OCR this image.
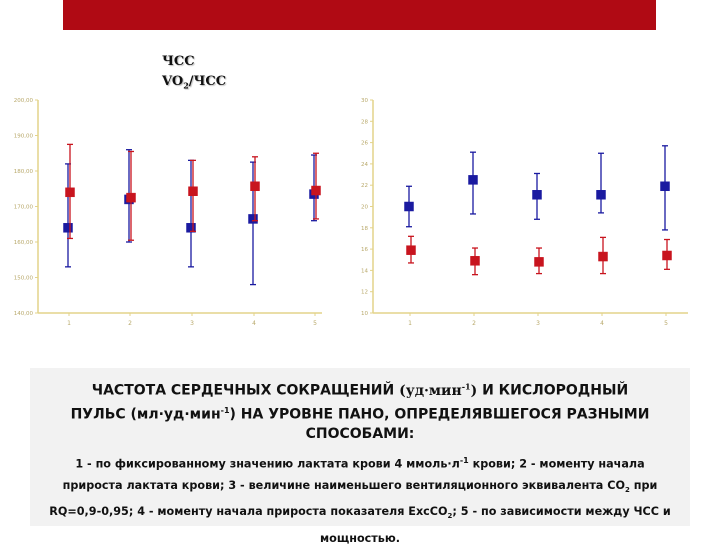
ЧСС
$VO_2$/ЧСС
140,00
150,00
160,00
170,00
180,00
190,00
200,00
1	2	3	4	5
10
12
14
16
18
20
22
24
26
28
30
1	2	3	4	5
ЧАСТОТА СЕРДЕЧНЫХ СОКРАЩЕНИЙ (уд·мин$^{-1}$) И КИСЛОРОДНЫЙ ПУЛЬС (мл·уд·мин$^{-1}$) НА УРОВНЕ ПАНО, ОПРЕДЕЛЯВШЕГОСЯ РАЗНЫМИ СПОСОБАМИ:
1 - по фиксированному значению лактата крови 4 $ммоль\cdot л^{-1}$ крови; 2 - моменту начала прироста лактата крови; 3 - величине наименьшего вентиляционного эквивалента $СО_2$ при RQ=0,9-0,95; 4 - моменту начала прироста показателя ExcCO$_2$; 5 - по зависимости между ЧСС и мощностью.
